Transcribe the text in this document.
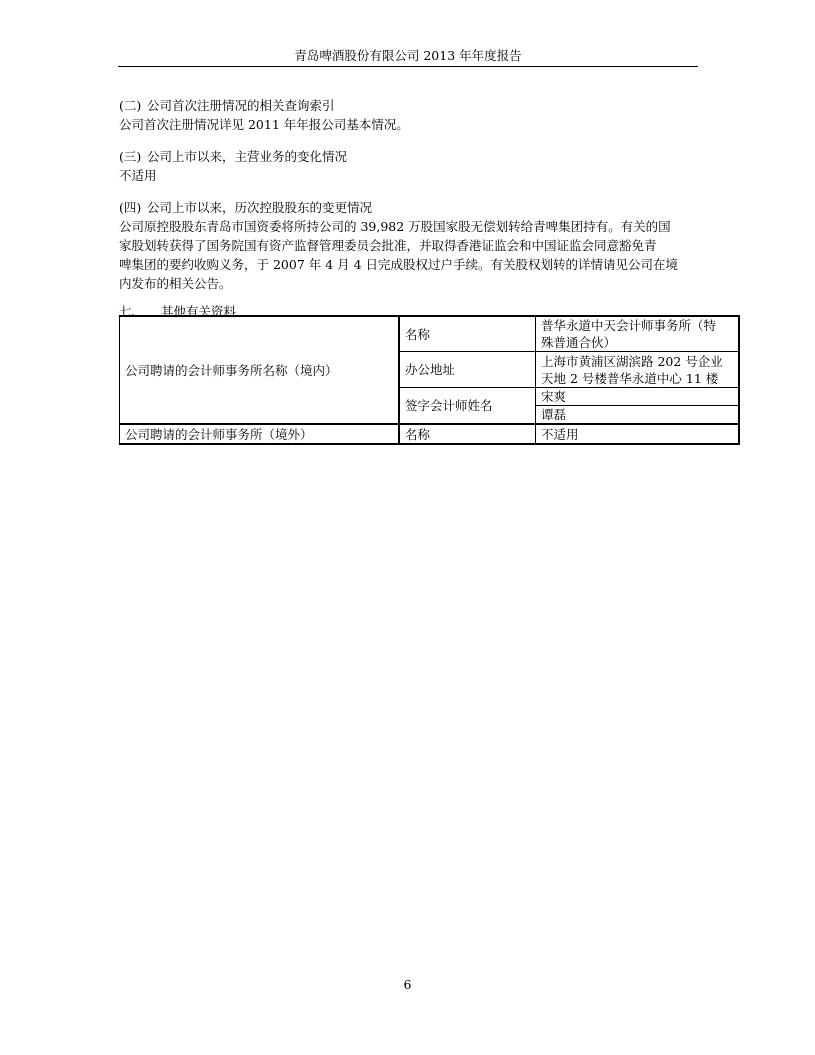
青岛啤酒股份有限公司 2013 年年度报告

(二) 公司首次注册情况的相关查询索引

公司首次注册情况详见 2011 年年报公司基本情况。

(三) 公司上市以来，主营业务的变化情况

不适用

(四) 公司上市以来，历次控股股东的变更情况

公司原控股股东青岛市国资委将所持公司的 39,982 万股国家股无偿划转给青啤集团持有。有关的国

家股划转获得了国务院国有资产监督管理委员会批准，并取得香港证监会和中国证监会同意豁免青

啤集团的要约收购义务，于 2007 年 4 月 4 日完成股权过户手续。有关股权划转的详情请见公司在境

内发布的相关公告。

七、 其他有关资料

公司聘请的会计师事务所名称（境内）	名称	普华永道中天会计师事务所（特
殊普通合伙）

	办公地址	上海市黄浦区湖滨路 202 号企业
天地 2 号楼普华永道中心 11 楼

	签字会计师姓名	宋爽
		谭磊
公司聘请的会计师事务所（境外）	名称	不适用
6
